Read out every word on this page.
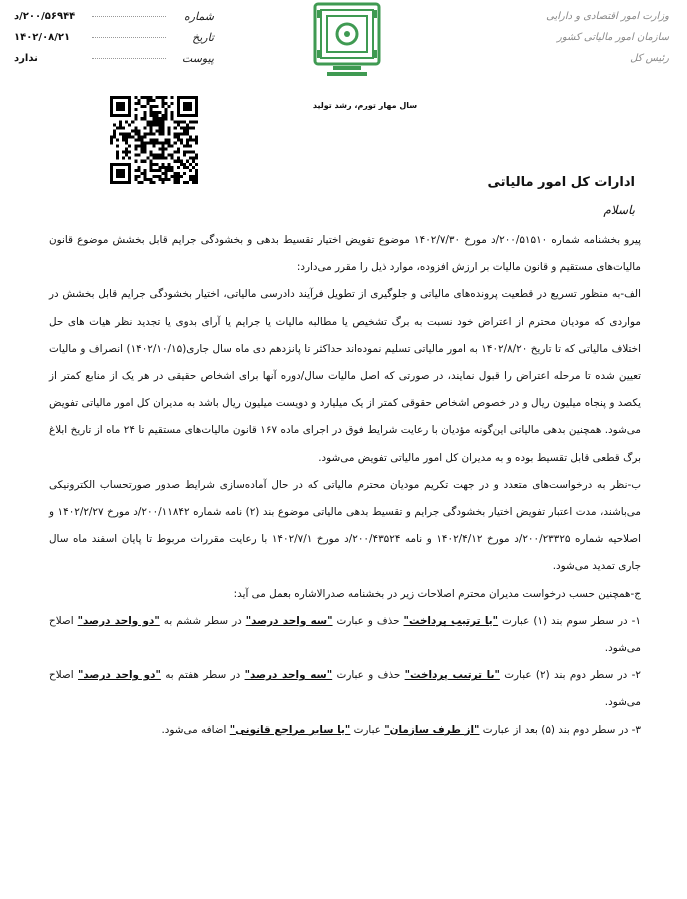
شماره
۲۰۰/۵۶۹۴۴/د
تاریخ
۱۴۰۲/۰۸/۲۱
پیوست
ندارد
سال مهار تورم، رشد تولید
وزارت امور اقتصادی و دارایی
سازمان امور مالیاتی کشور
رئیس کل
ادارات کل امور مالیاتی
باسلام

پیرو بخشنامه شماره ۲۰۰/۵۱۵۱۰/د مورخ ۱۴۰۲/۷/۳۰ موضوع تفویض اختیار تقسیط بدهی و بخشودگی جرایم قابل بخشش موضوع قانون مالیات‌های مستقیم و قانون مالیات بر ارزش افزوده، موارد ذیل را مقرر می‌دارد:

الف-به منظور تسریع در قطعیت پرونده‌های مالیاتی و جلوگیری از تطویل فرآیند دادرسی مالیاتی، اختیار بخشودگی جرایم قابل بخشش در مواردی که مودیان محترم از اعتراض خود نسبت به برگ تشخیص یا مطالبه مالیات یا جرایم یا آرای بدوی یا تجدید نظر هیات های حل اختلاف مالیاتی که تا تاریخ ۱۴۰۲/۸/۲۰ به امور مالیاتی تسلیم نموده‌اند حداکثر تا پانزدهم دی ماه سال جاری(۱۴۰۲/۱۰/۱۵) انصراف و مالیات تعیین شده تا مرحله اعتراض را قبول نمایند، در صورتی که اصل مالیات سال/دوره آنها برای اشخاص حقیقی در هر یک از منابع کمتر از یکصد و پنجاه میلیون ریال و در خصوص اشخاص حقوقی کمتر از یک میلیارد و دویست میلیون ریال باشد به مدیران کل امور مالیاتی تفویض می‌شود. همچنین بدهی مالیاتی این‌گونه مؤدیان با رعایت شرایط فوق در اجرای ماده ۱۶۷ قانون مالیات‌های مستقیم تا ۲۴ ماه از تاریخ ابلاغ برگ قطعی قابل تقسیط بوده و به مدیران کل امور مالیاتی تفویض می‌شود.

ب-نظر به درخواست‌های متعدد و در جهت تکریم مودیان محترم مالیاتی که در حال آماده‌سازی شرایط صدور صورتحساب الکترونیکی می‌باشند، مدت اعتبار تفویض اختیار بخشودگی جرایم و تقسیط بدهی مالیاتی موضوع بند (۲) نامه شماره ۲۰۰/۱۱۸۴۲/د مورخ ۱۴۰۲/۲/۲۷ و اصلاحیه شماره ۲۰۰/۲۳۳۲۵/د مورخ ۱۴۰۲/۴/۱۲ و نامه ۲۰۰/۴۳۵۲۴/د مورخ ۱۴۰۲/۷/۱ با رعایت مقررات مربوط تا پایان اسفند ماه سال جاری تمدید می‌شود.

ج-همچنین حسب درخواست مدیران محترم اصلاحات زیر در بخشنامه صدرالاشاره بعمل می آید:

۱- در سطر سوم بند (۱) عبارت "یا ترتیب پرداخت" حذف و عبارت "سه واحد درصد" در سطر ششم به "دو واحد درصد" اصلاح می‌شود.

۲- در سطر دوم بند (۲) عبارت "یا ترتیب پرداخت" حذف و عبارت "سه واحد درصد" در سطر هفتم به "دو واحد درصد" اصلاح می‌شود.

۳- در سطر دوم بند (۵) بعد از عبارت "از طرف سازمان" عبارت "یا سایر مراجع قانونی" اضافه می‌شود.
